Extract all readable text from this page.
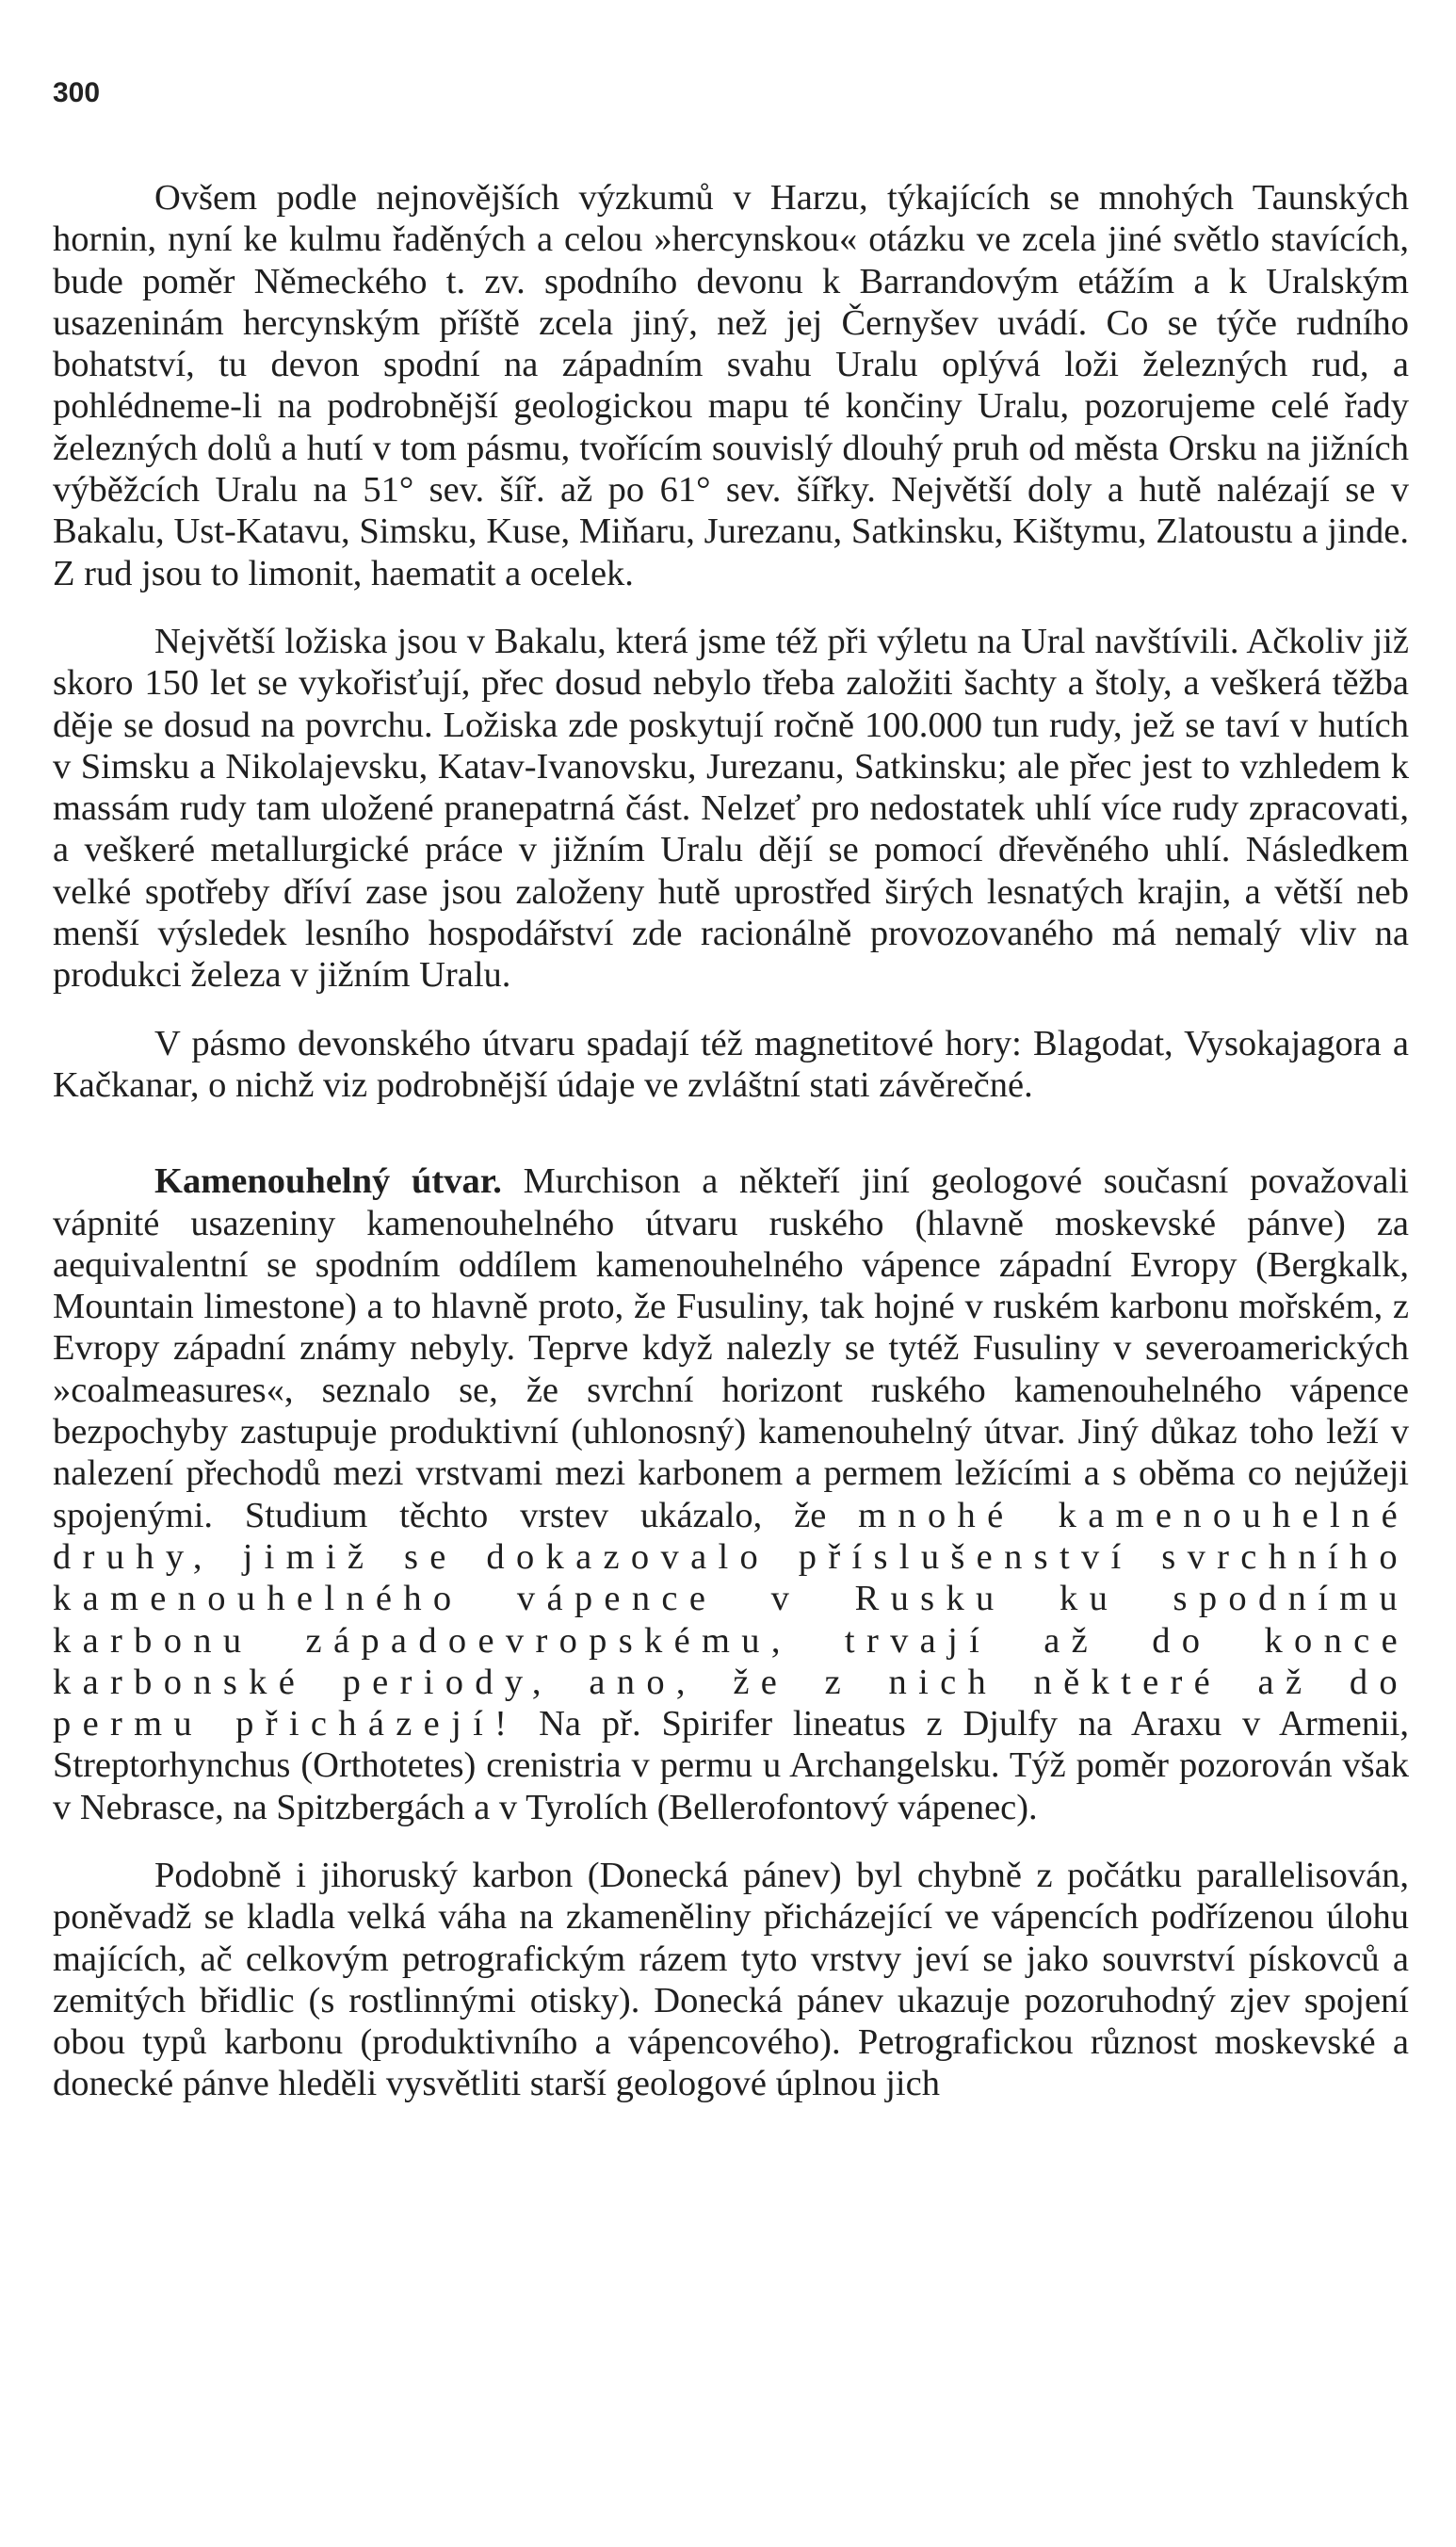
300

Ovšem podle nejnovějších výzkumů v Harzu, týkajících se mnohých Taunských hornin, nyní ke kulmu řaděných a celou »hercynskou« otázku ve zcela jiné světlo stavících, bude poměr Německého t. zv. spodního devonu k Barrandovým etážím a k Uralským usazeninám hercynským příště zcela jiný, než jej Černyšev uvádí. Co se týče rudního bohatství, tu devon spodní na západním svahu Uralu oplývá loži železných rud, a pohlédneme-li na podrobnější geologickou mapu té končiny Uralu, pozorujeme celé řady železných dolů a hutí v tom pásmu, tvořícím souvislý dlouhý pruh od města Orsku na jižních výběžcích Uralu na 51° sev. šíř. až po 61° sev. šířky. Největší doly a hutě nalézají se v Bakalu, Ust-Katavu, Simsku, Kuse, Miňaru, Jurezanu, Satkinsku, Kištymu, Zlatoustu a jinde. Z rud jsou to limonit, haematit a ocelek.

Největší ložiska jsou v Bakalu, která jsme též při výletu na Ural navštívili. Ačkoliv již skoro 150 let se vykořisťují, přec dosud nebylo třeba založiti šachty a štoly, a veškerá těžba děje se dosud na povrchu. Ložiska zde poskytují ročně 100.000 tun rudy, jež se taví v hutích v Simsku a Nikolajevsku, Katav-Ivanovsku, Jurezanu, Satkinsku; ale přec jest to vzhledem k massám rudy tam uložené pranepatrná část. Nelzeť pro nedostatek uhlí více rudy zpracovati, a veškeré metallurgické práce v jižním Uralu dějí se pomocí dřevěného uhlí. Následkem velké spotřeby dříví zase jsou založeny hutě uprostřed širých lesnatých krajin, a větší neb menší výsledek lesního hospodářství zde racionálně provozovaného má nemalý vliv na produkci železa v jižním Uralu.

V pásmo devonského útvaru spadají též magnetitové hory: Blagodat, Vysokajagora a Kačkanar, o nichž viz podrobnější údaje ve zvláštní stati závěrečné.

Kamenouhelný útvar. Murchison a někteří jiní geologové současní považovali vápnité usazeniny kamenouhelného útvaru ruského (hlavně moskevské pánve) za aequivalentní se spodním oddílem kamenouhelného vápence západní Evropy (Bergkalk, Mountain limestone) a to hlavně proto, že Fusuliny, tak hojné v ruském karbonu mořském, z Evropy západní známy nebyly. Teprve když nalezly se tytéž Fusuliny v severoamerických »coalmeasures«, seznalo se, že svrchní horizont ruského kamenouhelného vápence bezpochyby zastupuje produktivní (uhlonosný) kamenouhelný útvar. Jiný důkaz toho leží v nalezení přechodů mezi vrstvami mezi karbonem a permem ležícími a s oběma co nejúžeji spojenými. Studium těchto vrstev ukázalo, že mnohé kamenouhelné druhy, jimiž se dokazovalo příslušenství svrchního kamenouhelného vápence v Rusku ku spodnímu karbonu západoevropskému, trvají až do konce karbonské periody, ano, že z nich některé až do permu přicházejí! Na př. Spirifer lineatus z Djulfy na Araxu v Armenii, Streptorhynchus (Orthotetes) crenistria v permu u Archangelsku. Týž poměr pozorován však v Nebrasce, na Spitzbergách a v Tyrolích (Bellerofontový vápenec).

Podobně i jihoruský karbon (Donecká pánev) byl chybně z počátku parallelisován, poněvadž se kladla velká váha na zkameněliny přicházející ve vápencích podřízenou úlohu majících, ač celkovým petrografickým rázem tyto vrstvy jeví se jako souvrství pískovců a zemitých břidlic (s rostlinnými otisky). Donecká pánev ukazuje pozoruhodný zjev spojení obou typů karbonu (produktivního a vápencového). Petrografickou různost moskevské a donecké pánve hleděli vysvětliti starší geologové úplnou jich
